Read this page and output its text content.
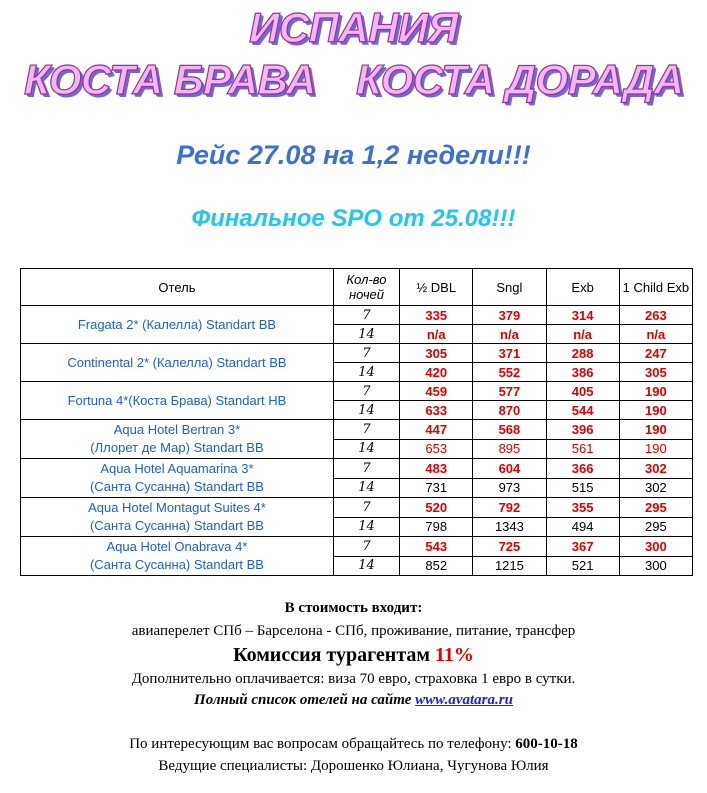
ИСПАНИЯ
КОСТА БРАВА КОСТА ДОРАДА
Рейс 27.08 на 1,2 недели!!!
Финальное SPO от 25.08!!!
Отель	Кол-во ночей	½ DBL	Sngl	Exb	1 Child Exb
Fragata 2* (Калелла) Standart BB	7	335	379	314	263
	14	n/a	n/a	n/a	n/a
Continental 2* (Калелла) Standart BB	7	305	371	288	247
	14	420	552	386	305
Fortuna 4*(Коста Брава) Standart HB	7	459	577	405	190
	14	633	870	544	190
Aqua Hotel Bertran 3*
(Ллорет де Мар) Standart BB	7	447	568	396	190
	14	653	895	561	190
Aqua Hotel Aquamarina 3*
(Санта Сусанна) Standart BB	7	483	604	366	302
	14	731	973	515	302
Aqua Hotel Montagut Suites 4*
(Санта Сусанна) Standart BB	7	520	792	355	295
	14	798	1343	494	295
Aqua Hotel Onabrava 4*
(Санта Сусанна) Standart BB	7	543	725	367	300
	14	852	1215	521	300

В стоимость входит:

авиаперелет СПб – Барселона - СПб, проживание, питание, трансфер

Комиссия турагентам 11%

Дополнительно оплачивается: виза 70 евро, страховка 1 евро в сутки.

Полный список отелей на сайте www.avatara.ru

По интересующим вас вопросам обращайтесь по телефону: 600-10-18

Ведущие специалисты: Дорошенко Юлиана, Чугунова Юлия
